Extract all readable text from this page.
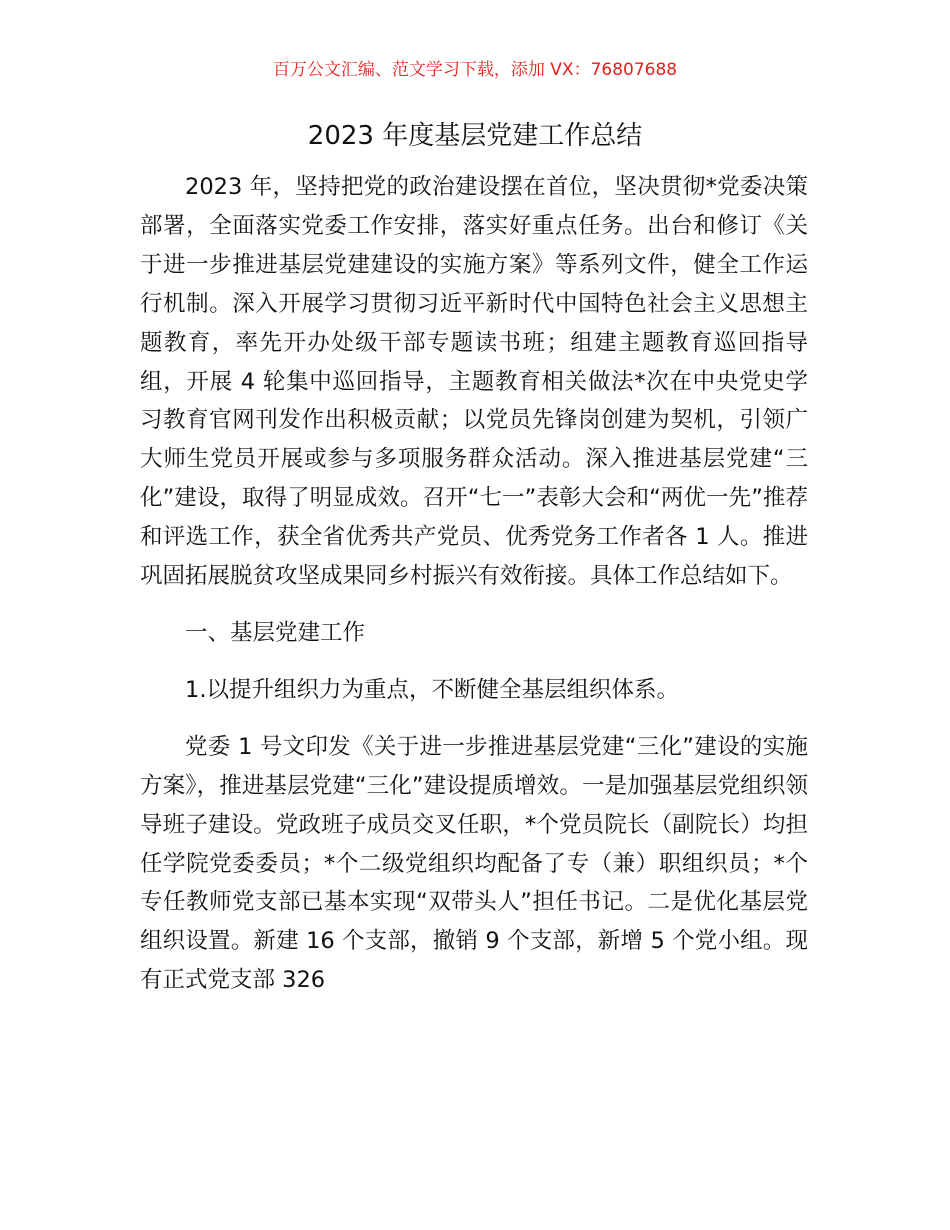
百万公文汇编、范文学习下载，添加 VX：76807688
2023 年度基层党建工作总结

2023 年，坚持把党的政治建设摆在首位，坚决贯彻*党委决策部署，全面落实党委工作安排，落实好重点任务。出台和修订《关于进一步推进基层党建建设的实施方案》等系列文件，健全工作运行机制。深入开展学习贯彻习近平新时代中国特色社会主义思想主题教育，率先开办处级干部专题读书班；组建主题教育巡回指导组，开展 4 轮集中巡回指导，主题教育相关做法*次在中央党史学习教育官网刊发作出积极贡献；以党员先锋岗创建为契机，引领广大师生党员开展或参与多项服务群众活动。深入推进基层党建“三化”建设，取得了明显成效。召开“七一”表彰大会和“两优一先”推荐和评选工作，获全省优秀共产党员、优秀党务工作者各 1 人。推进巩固拓展脱贫攻坚成果同乡村振兴有效衔接。具体工作总结如下。

一、基层党建工作

1.以提升组织力为重点，不断健全基层组织体系。

党委 1 号文印发《关于进一步推进基层党建“三化”建设的实施方案》，推进基层党建“三化”建设提质增效。一是加强基层党组织领导班子建设。党政班子成员交叉任职，*个党员院长（副院长）均担任学院党委委员；*个二级党组织均配备了专（兼）职组织员；*个专任教师党支部已基本实现“双带头人”担任书记。二是优化基层党组织设置。新建 16 个支部，撤销 9 个支部，新增 5 个党小组。现有正式党支部 326
